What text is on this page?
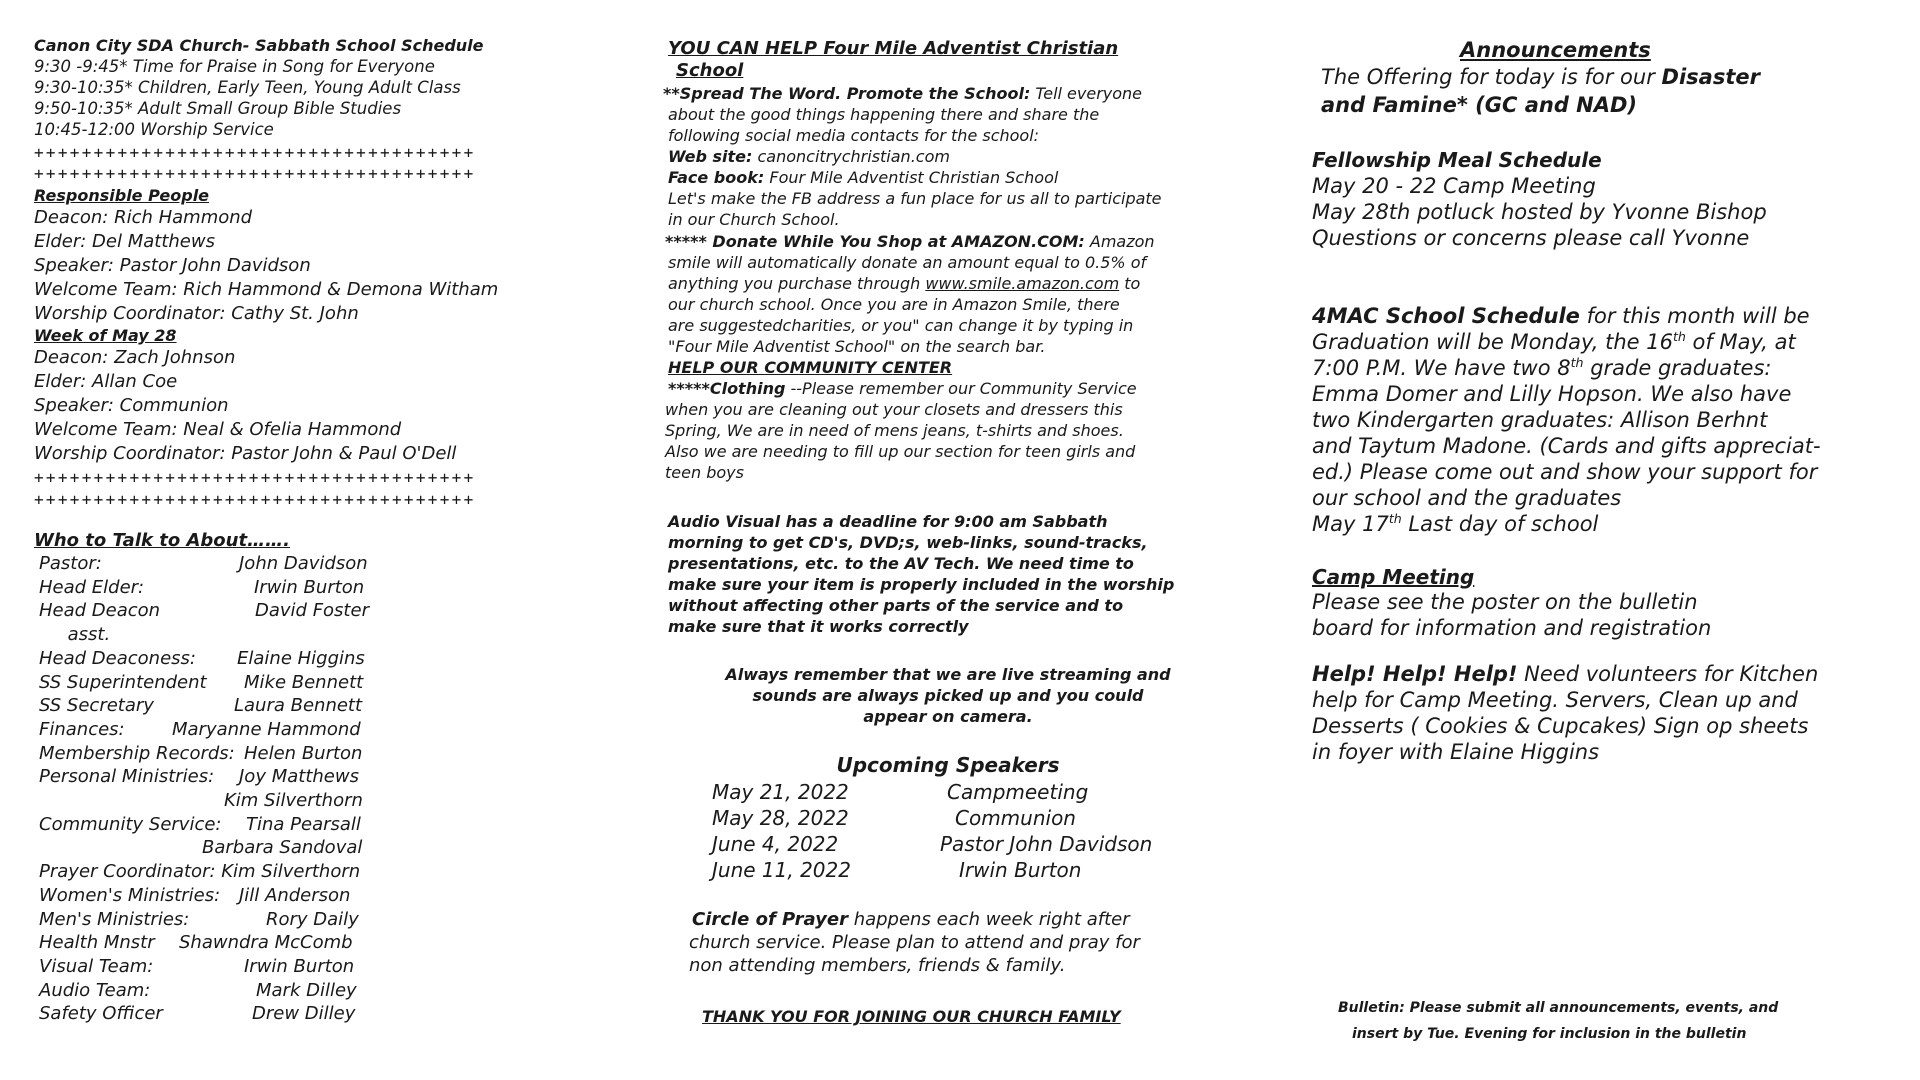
Canon City SDA Church- Sabbath School Schedule
9:30 -9:45* Time for Praise in Song for Everyone
9:30-10:35* Children, Early Teen, Young Adult Class
9:50-10:35* Adult Small Group Bible Studies
10:45-12:00 Worship Service
+++++++++++++++++++++++++++++++++++++
+++++++++++++++++++++++++++++++++++++
Responsible People
Deacon: Rich Hammond
Elder: Del Matthews
Speaker: Pastor John Davidson
Welcome Team: Rich Hammond & Demona Witham
Worship Coordinator: Cathy St. John
Week of May 28
Deacon: Zach Johnson
Elder: Allan Coe
Speaker: Communion
Welcome Team: Neal & Ofelia Hammond
Worship Coordinator: Pastor John & Paul O'Dell
+++++++++++++++++++++++++++++++++++++
+++++++++++++++++++++++++++++++++++++
Who to Talk to About…….
Pastor:	John Davidson
Head Elder:	Irwin Burton
Head Deacon	David Foster
asst.
Head Deaconess: Elaine Higgins
SS Superintendent Mike Bennett
SS Secretary	Laura Bennett
Finances:	Maryanne Hammond
Membership Records: Helen Burton
Personal Ministries: Joy Matthews
Kim Silverthorn
Community Service: Tina Pearsall
Barbara Sandoval
Prayer Coordinator: Kim Silverthorn
Women's Ministries: Jill Anderson
Men's Ministries:	Rory Daily
Health Mnstr Shawndra McComb
Visual Team:	Irwin Burton
Audio Team:	Mark Dilley
Safety Officer	Drew Dilley
YOU CAN HELP Four Mile Adventist Christian
School
**Spread The Word. Promote the School: Tell everyone
about the good things happening there and share the
following social media contacts for the school:
Web site: canoncitrychristian.com
Face book: Four Mile Adventist Christian School
Let's make the FB address a fun place for us all to participate
in our Church School.
***** Donate While You Shop at AMAZON.COM: Amazon
smile will automatically donate an amount equal to 0.5% of
anything you purchase through www.smile.amazon.com to
our church school. Once you are in Amazon Smile, there
are suggestedcharities, or you" can change it by typing in
"Four Mile Adventist School" on the search bar.
HELP OUR COMMUNITY CENTER
*****Clothing --Please remember our Community Service
when you are cleaning out your closets and dressers this
Spring, We are in need of mens jeans, t-shirts and shoes.
Also we are needing to fill up our section for teen girls and
teen boys
Audio Visual has a deadline for 9:00 am Sabbath
morning to get CD's, DVD;s, web-links, sound-tracks,
presentations, etc. to the AV Tech. We need time to
make sure your item is properly included in the worship
without affecting other parts of the service and to
make sure that it works correctly
Always remember that we are live streaming and
sounds are always picked up and you could
appear on camera.
Upcoming Speakers
May 21, 2022	Campmeeting
May 28, 2022	Communion
June 4, 2022	Pastor John Davidson
June 11, 2022	Irwin Burton
Circle of Prayer happens each week right after
church service. Please plan to attend and pray for
non attending members, friends & family.
THANK YOU FOR JOINING OUR CHURCH FAMILY
Announcements
The Offering for today is for our Disaster
and Famine* (GC and NAD)
Fellowship Meal Schedule
May 20 - 22 Camp Meeting
May 28th potluck hosted by Yvonne Bishop
Questions or concerns please call Yvonne
4MAC School Schedule for this month will be
Graduation will be Monday, the 16th of May, at
7:00 P.M. We have two 8th grade graduates:
Emma Domer and Lilly Hopson. We also have
two Kindergarten graduates: Allison Berhnt
and Taytum Madone. (Cards and gifts appreciat-
ed.) Please come out and show your support for
our school and the graduates
May 17th Last day of school
Camp Meeting
Please see the poster on the bulletin
board for information and registration
Help! Help! Help! Need volunteers for Kitchen
help for Camp Meeting. Servers, Clean up and
Desserts ( Cookies & Cupcakes) Sign op sheets
in foyer with Elaine Higgins
Bulletin: Please submit all announcements, events, and
insert by Tue. Evening for inclusion in the bulletin
